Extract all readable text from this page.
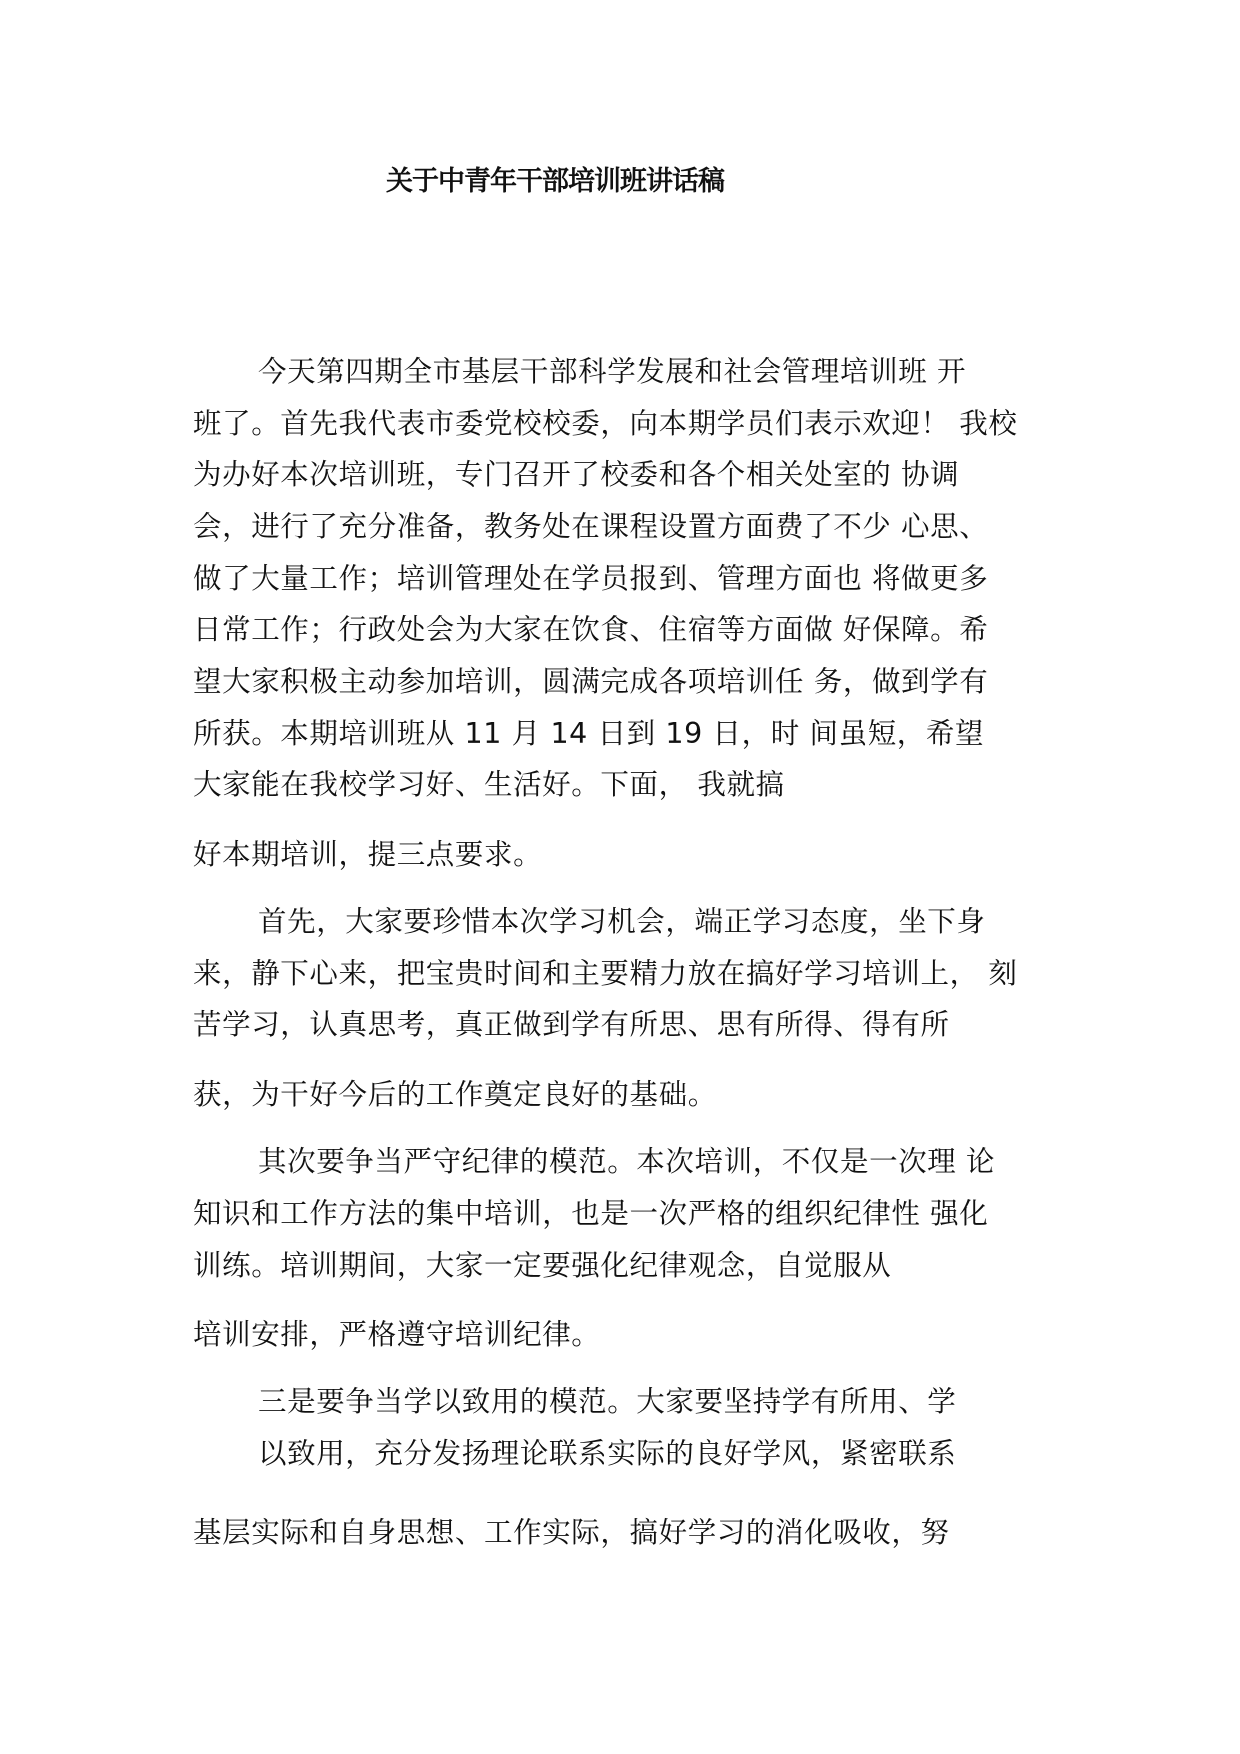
关于中青年干部培训班讲话稿
今天第四期全市基层干部科学发展和社会管理培训班 开
班了。首先我代表市委党校校委，向本期学员们表示欢迎！ 我校
为办好本次培训班，专门召开了校委和各个相关处室的 协调
会，进行了充分准备，教务处在课程设置方面费了不少 心思、
做了大量工作；培训管理处在学员报到、管理方面也 将做更多
日常工作；行政处会为大家在饮食、住宿等方面做 好保障。希
望大家积极主动参加培训，圆满完成各项培训任 务，做到学有
所获。本期培训班从 11 月 14 日到 19 日，时 间虽短，希望
大家能在我校学习好、生活好。下面， 我就搞
好本期培训，提三点要求。
首先，大家要珍惜本次学习机会，端正学习态度，坐下身
来，静下心来，把宝贵时间和主要精力放在搞好学习培训上， 刻
苦学习，认真思考，真正做到学有所思、思有所得、得有所
获，为干好今后的工作奠定良好的基础。
其次要争当严守纪律的模范。本次培训，不仅是一次理 论
知识和工作方法的集中培训，也是一次严格的组织纪律性 强化
训练。培训期间，大家一定要强化纪律观念，自觉服从
培训安排，严格遵守培训纪律。
三是要争当学以致用的模范。大家要坚持学有所用、学
以致用，充分发扬理论联系实际的良好学风，紧密联系
基层实际和自身思想、工作实际，搞好学习的消化吸收，努
